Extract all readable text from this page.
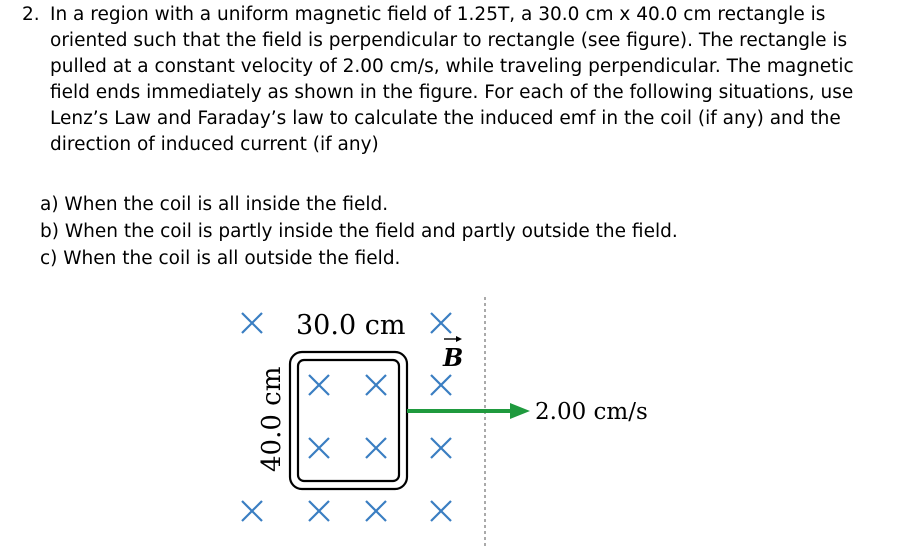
2. In a region with a uniform magnetic field of 1.25T, a 30.0 cm x 40.0 cm rectangle is oriented such that the field is perpendicular to rectangle (see figure). The rectangle is pulled at a constant velocity of 2.00 cm/s, while traveling perpendicular. The magnetic field ends immediately as shown in the figure. For each of the following situations, use Lenz’s Law and Faraday’s law to calculate the induced emf in the coil (if any) and the direction of induced current (if any)
a) When the coil is all inside the field.
b) When the coil is partly inside the field and partly outside the field.
c) When the coil is all outside the field.
30.0 cm
2.00 cm/s
40.0 cm
B
